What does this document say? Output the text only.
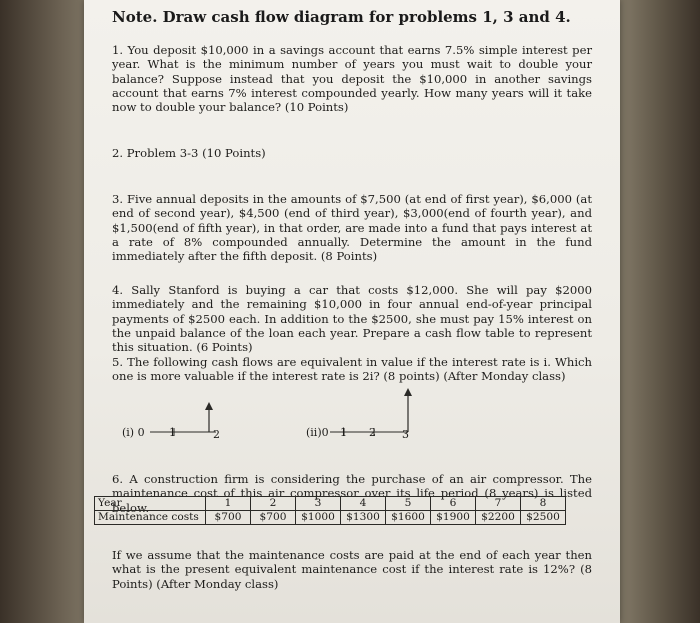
Note. Draw cash flow diagram for problems 1, 3 and 4.

1. You deposit $10,000 in a savings account that earns 7.5% simple interest per year. What is the minimum number of years you must wait to double your balance? Suppose instead that you deposit the $10,000 in another savings account that earns 7% interest compounded yearly. How many years will it take now to double your balance? (10 Points)

2. Problem 3-3 (10 Points)

3. Five annual deposits in the amounts of $7,500 (at end of first year), $6,000 (at end of second year), $4,500 (end of third year), $3,000(end of fourth year), and $1,500(end of fifth year), in that order, are made into a fund that pays interest at a rate of 8% compounded annually. Determine the amount in the fund immediately after the fifth deposit. (8 Points)

4. Sally Stanford is buying a car that costs $12,000. She will pay $2000 immediately and the remaining $10,000 in four annual end-of-year principal payments of $2500 each. In addition to the $2500, she must pay 15% interest on the unpaid balance of the loan each year. Prepare a cash flow table to represent this situation. (6 Points)

5. The following cash flows are equivalent in value if the interest rate is i. Which one is more valuable if the interest rate is 2i? (8 points) (After Monday class)

(i) 0 1	2	(ii)0 1 2 3

6. A construction firm is considering the purchase of an air compressor. The maintenance cost of this air compressor over its life period (8 years) is listed below.

Year	1	2	3	4	5	6	7	8
Maintenance costs	$700	$700	$1000	$1300	$1600	$1900	$2200	$2500

If we assume that the maintenance costs are paid at the end of each year then what is the present equivalent maintenance cost if the interest rate is 12%? (8 Points) (After Monday class)
